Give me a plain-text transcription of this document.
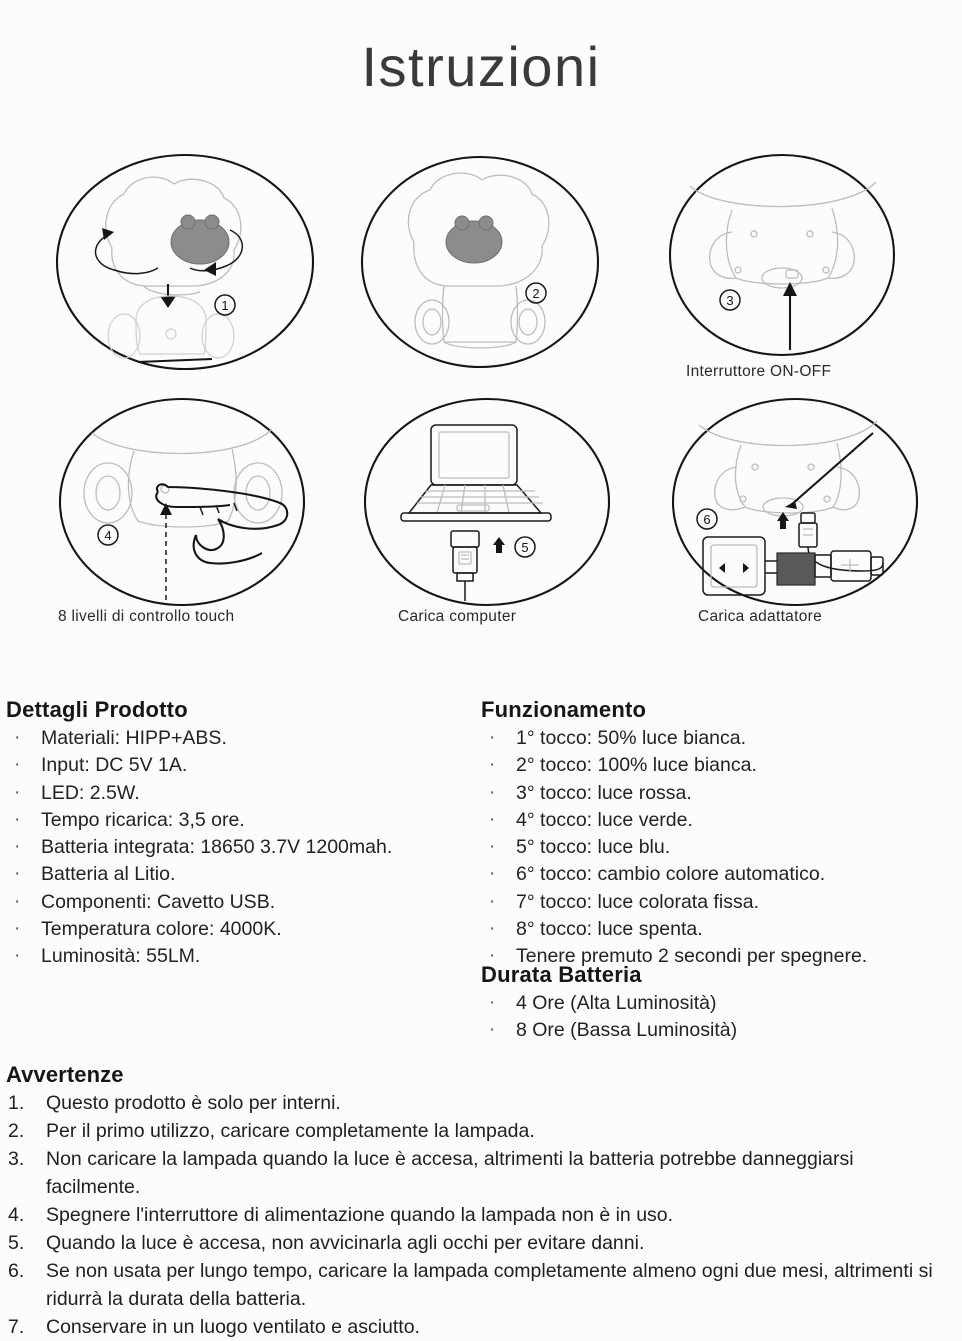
Istruzioni
1
2	3
4
5
6
Interruttore ON-OFF
8 livelli di controllo touch	Carica computer	Carica adattatore
Dettagli Prodotto
· Materiali: HIPP+ABS.
· Input: DC 5V 1A.
· LED: 2.5W.
· Tempo ricarica: 3,5 ore.
· Batteria integrata: 18650 3.7V 1200mah.
· Batteria al Litio.
· Componenti: Cavetto USB.
· Temperatura colore: 4000K.
· Luminosità: 55LM.
Funzionamento
· 1° tocco: 50% luce bianca.
· 2° tocco: 100% luce bianca.
· 3° tocco: luce rossa.
· 4° tocco: luce verde.
· 5° tocco: luce blu.
· 6° tocco: cambio colore automatico.
· 7° tocco: luce colorata fissa.
· 8° tocco: luce spenta.
· Tenere premuto 2 secondi per spegnere.
Durata Batteria
· 4 Ore (Alta Luminosità)
· 8 Ore (Bassa Luminosità)
Avvertenze
Questo prodotto è solo per interni.
Per il primo utilizzo, caricare completamente la lampada.
Non caricare la lampada quando la luce è accesa, altrimenti la batteria potrebbe danneggiarsi facilmente.
Spegnere l'interruttore di alimentazione quando la lampada non è in uso.
Quando la luce è accesa, non avvicinarla agli occhi per evitare danni.
Se non usata per lungo tempo, caricare la lampada completamente almeno ogni due mesi, altrimenti si ridurrà la durata della batteria.
Conservare in un luogo ventilato e asciutto.
